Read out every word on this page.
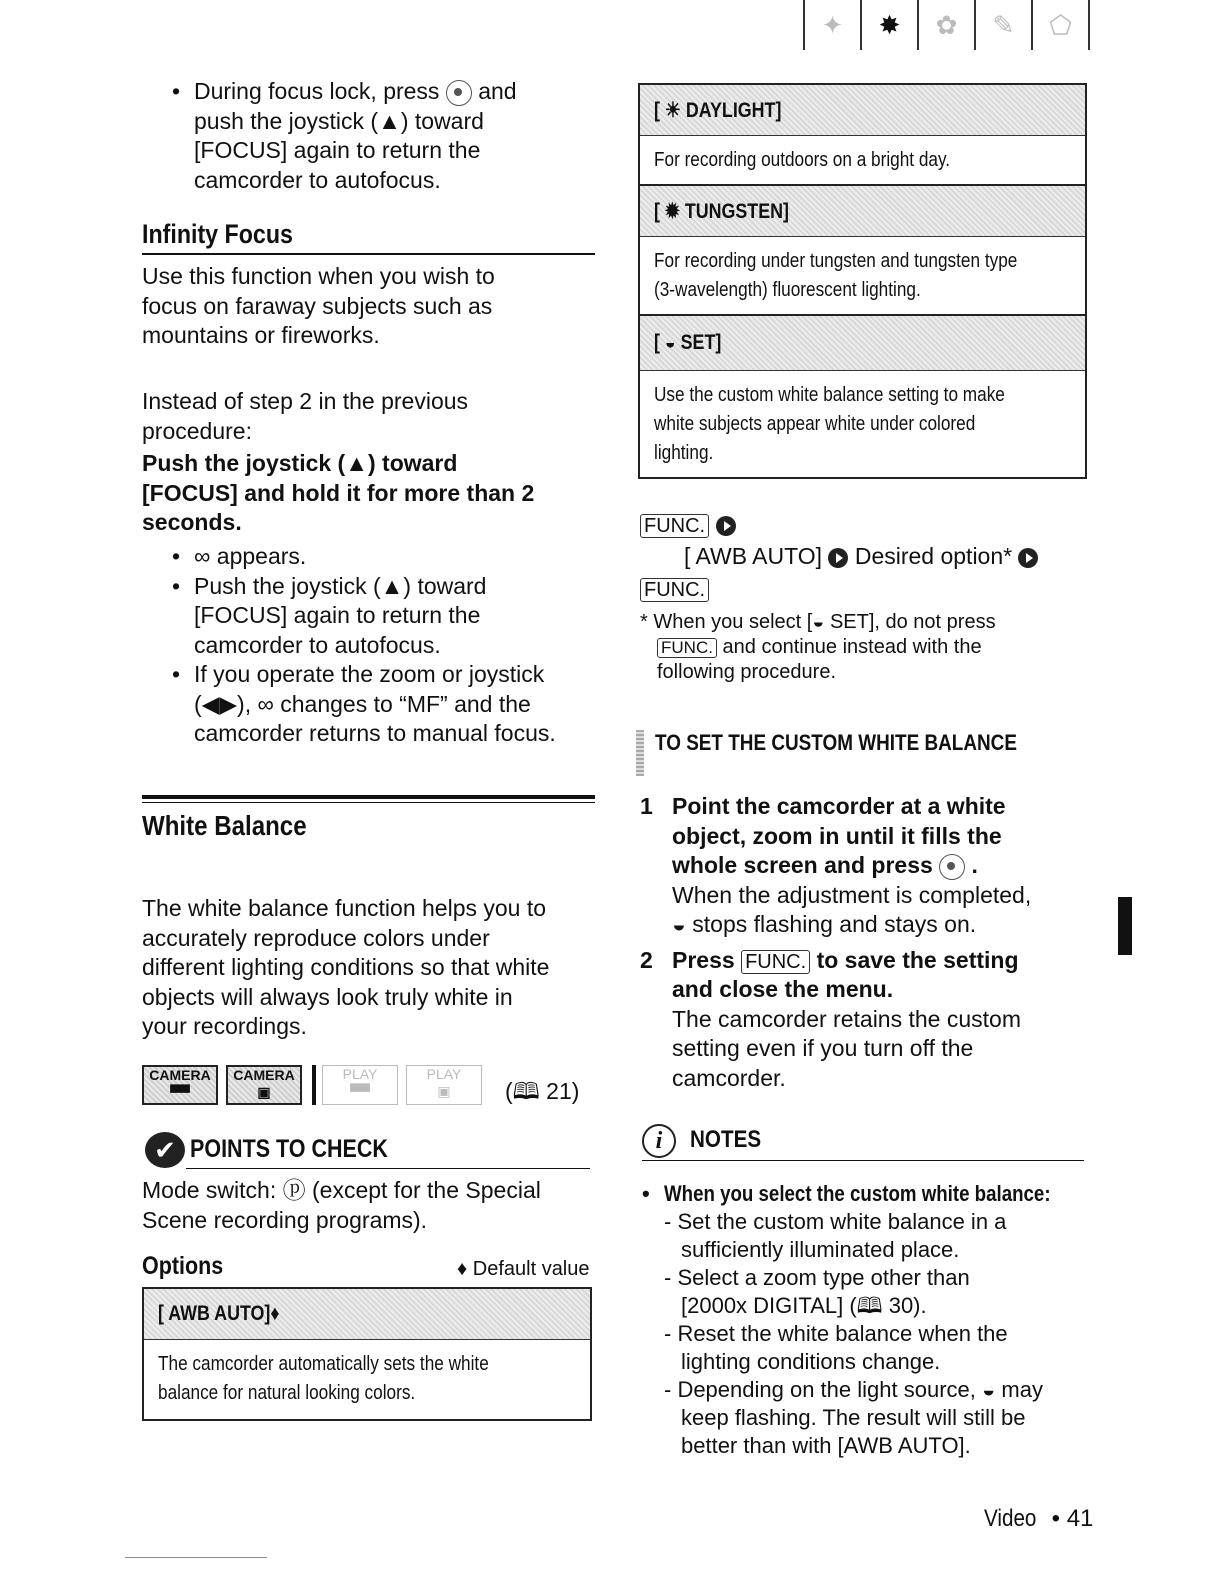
✦	✸	✿	✎	⬠
• During focus lock, press and
push the joystick (▲) toward
[FOCUS] again to return the
camcorder to autofocus.
Infinity Focus
Use this function when you wish to
focus on faraway subjects such as
mountains or fireworks.
Instead of step 2 in the previous
procedure:
Push the joystick (▲) toward
[FOCUS] and hold it for more than 2
seconds.
• ∞ appears.
• Push the joystick (▲) toward
[FOCUS] again to return the
camcorder to autofocus.
• If you operate the zoom or joystick
(◀▶), ∞ changes to “MF” and the
camcorder returns to manual focus.
White Balance
The white balance function helps you to
accurately reproduce colors under
different lighting conditions so that white
objects will always look truly white in
your recordings.
CAMERA
▀▀
CAMERA
▣
PLAY
▀▀
PLAY
▣	(🕮 21)
✔ POINTS TO CHECK
Mode switch: ⓟ (except for the Special
Scene recording programs).
Options	♦ Default value
[ AWB AUTO]♦
The camcorder automatically sets the white
balance for natural looking colors.
[ ☀ DAYLIGHT]
For recording outdoors on a bright day.
[ ✹ TUNGSTEN]
For recording under tungsten and tungsten type
(3-wavelength) fluorescent lighting.
[ ◒ SET]
Use the custom white balance setting to make
white subjects appear white under colored
lighting.
FUNC.
[ AWB AUTO] Desired option*
FUNC.
* When you select [◒ SET], do not press
FUNC. and continue instead with the
following procedure.
TO SET THE CUSTOM WHITE BALANCE
1 Point the camcorder at a white
object, zoom in until it fills the
whole screen and press  .
When the adjustment is completed,
◒ stops flashing and stays on.
2 Press FUNC. to save the setting
and close the menu.
The camcorder retains the custom
setting even if you turn off the
camcorder.
i	NOTES
• When you select the custom white balance:
- Set the custom white balance in a
sufficiently illuminated place.
- Select a zoom type other than
[2000x DIGITAL] (🕮 30).
- Reset the white balance when the
lighting conditions change.
- Depending on the light source, ◒ may
keep flashing. The result will still be
better than with [AWB AUTO].
Video • 41
